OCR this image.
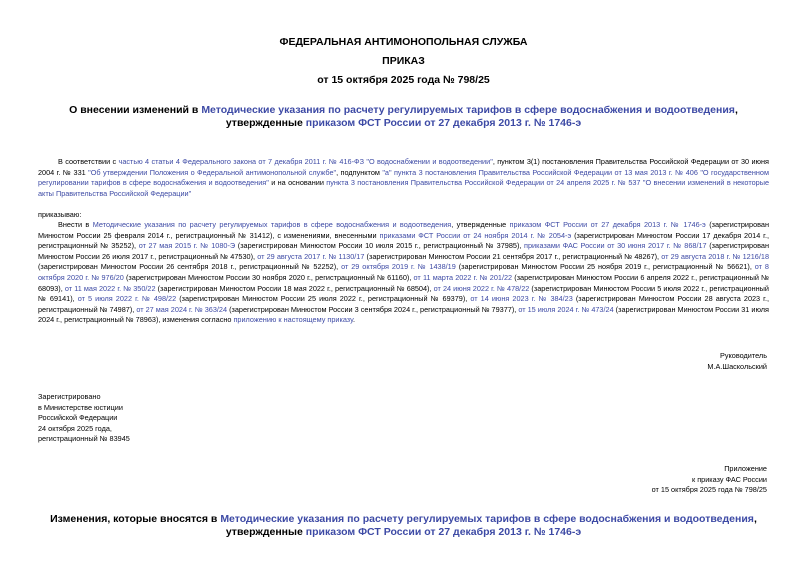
ФЕДЕРАЛЬНАЯ АНТИМОНОПОЛЬНАЯ СЛУЖБА
ПРИКАЗ
от 15 октября 2025 года № 798/25
О внесении изменений в Методические указания по расчету регулируемых тарифов в сфере водоснабжения и водоотведения, утвержденные приказом ФСТ России от 27 декабря 2013 г. № 1746-э
В соответствии с частью 4 статьи 4 Федерального закона от 7 декабря 2011 г. № 416-ФЗ "О водоснабжении и водоотведении", пунктом 3(1) постановления Правительства Российской Федерации от 30 июня 2004 г. № 331 "Об утверждении Положения о Федеральной антимонопольной службе", подпунктом "а" пункта 3 постановления Правительства Российской Федерации от 13 мая 2013 г. № 406 "О государственном регулировании тарифов в сфере водоснабжения и водоотведения" и на основании пункта 3 постановления Правительства Российской Федерации от 24 апреля 2025 г. № 537 "О внесении изменений в некоторые акты Правительства Российской Федерации"
приказываю:
Внести в Методические указания по расчету регулируемых тарифов в сфере водоснабжения и водоотведения, утвержденные приказом ФСТ России от 27 декабря 2013 г. № 1746-э (зарегистрирован Минюстом России 25 февраля 2014 г., регистрационный № 31412), с изменениями, внесенными приказами ФСТ России от 24 ноября 2014 г. № 2054-э (зарегистрирован Минюстом России 17 декабря 2014 г., регистрационный № 35252), от 27 мая 2015 г. № 1080-Э (зарегистрирован Минюстом России 10 июля 2015 г., регистрационный № 37985), приказами ФАС России от 30 июня 2017 г. № 868/17 (зарегистрирован Минюстом России 26 июля 2017 г., регистрационный № 47530), от 29 августа 2017 г. № 1130/17 (зарегистрирован Минюстом России 21 сентября 2017 г., регистрационный № 48267), от 29 августа 2018 г. № 1216/18 (зарегистрирован Минюстом России 26 сентября 2018 г., регистрационный № 52252), от 29 октября 2019 г. № 1438/19 (зарегистрирован Минюстом России 25 ноября 2019 г., регистрационный № 56621), от 8 октября 2020 г. № 976/20 (зарегистрирован Минюстом России 30 ноября 2020 г., регистрационный № 61160), от 11 марта 2022 г. № 201/22 (зарегистрирован Минюстом России 6 апреля 2022 г., регистрационный № 68093), от 11 мая 2022 г. № 350/22 (зарегистрирован Минюстом России 18 мая 2022 г., регистрационный № 68504), от 24 июня 2022 г. № 478/22 (зарегистрирован Минюстом России 5 июля 2022 г., регистрационный № 69141), от 5 июля 2022 г. № 498/22 (зарегистрирован Минюстом России 25 июля 2022 г., регистрационный № 69379), от 14 июня 2023 г. № 384/23 (зарегистрирован Минюстом России 28 августа 2023 г., регистрационный № 74987), от 27 мая 2024 г. № 363/24 (зарегистрирован Минюстом России 3 сентября 2024 г., регистрационный № 79377), от 15 июля 2024 г. № 473/24 (зарегистрирован Минюстом России 31 июля 2024 г., регистрационный № 78963), изменения согласно приложению к настоящему приказу.
Руководитель
М.А.Шаскольский
Зарегистрировано
в Министерстве юстиции
Российской Федерации
24 октября 2025 года,
регистрационный № 83945
Приложение
к приказу ФАС России
от 15 октября 2025 года № 798/25
Изменения, которые вносятся в Методические указания по расчету регулируемых тарифов в сфере водоснабжения и водоотведения, утвержденные приказом ФСТ России от 27 декабря 2013 г. № 1746-э
